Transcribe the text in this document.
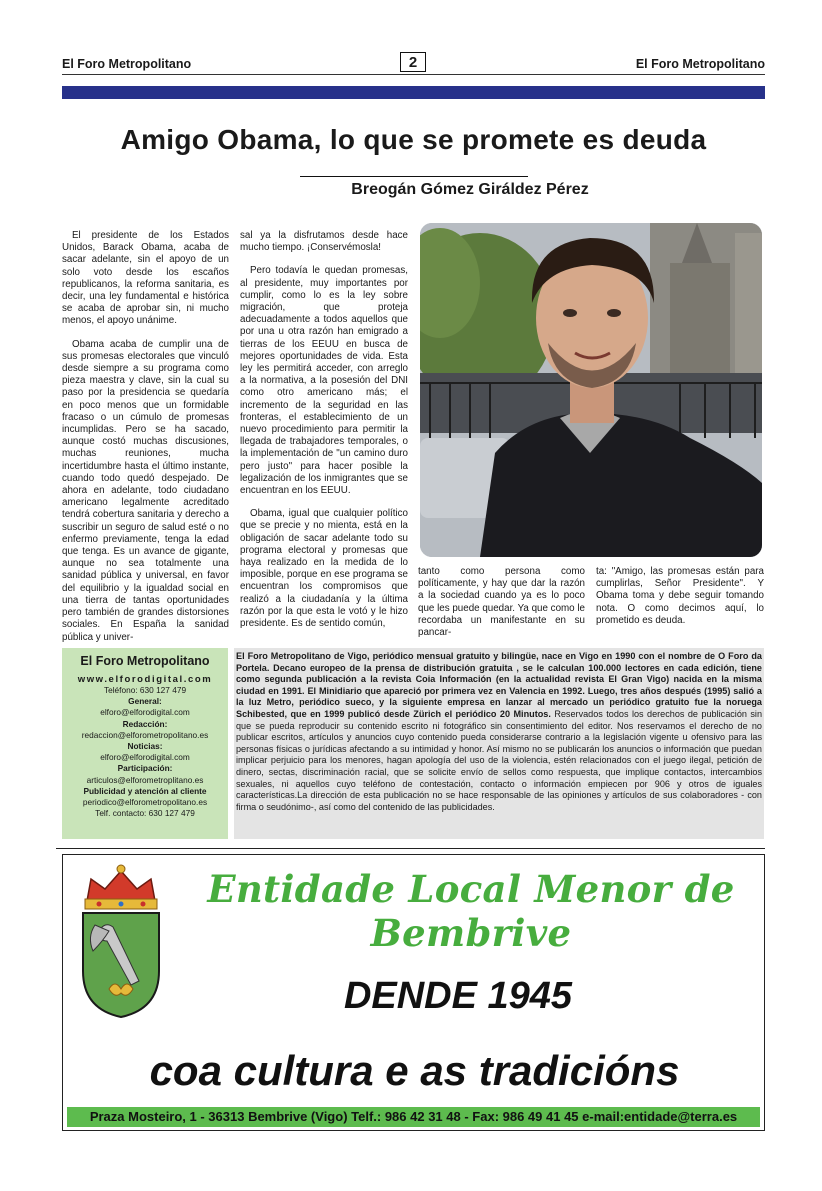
El Foro Metropolitano	2	El Foro Metropolitano
Amigo Obama, lo que se promete es deuda
Breogán Gómez Giráldez Pérez

El presidente de los Estados Unidos, Barack Obama, acaba de sacar adelante, sin el apoyo de un solo voto desde los escaños republicanos, la reforma sanitaria, es decir, una ley fundamental e histórica se acaba de aprobar sin, ni mucho menos, el apoyo unánime.

Obama acaba de cumplir una de sus promesas electorales que vinculó desde siempre a su programa como pieza maestra y clave, sin la cual su paso por la presidencia se quedaría en poco menos que un formidable fracaso o un cúmulo de promesas incumplidas. Pero se ha sacado, aunque costó muchas discusiones, muchas reuniones, mucha incertidumbre hasta el último instante, cuando todo quedó despejado. De ahora en adelante, todo ciudadano americano legalmente acreditado tendrá cobertura sanitaria y derecho a suscribir un seguro de salud esté o no enfermo previamente, tenga la edad que tenga. Es un avance de gigante, aunque no sea totalmente una sanidad pública y universal, en favor del equilibrio y la igualdad social en una tierra de tantas oportunidades pero también de grandes distorsiones sociales. En España la sanidad pública y univer-

sal ya la disfrutamos desde hace mucho tiempo. ¡Conservémosla!

Pero todavía le quedan promesas, al presidente, muy importantes por cumplir, como lo es la ley sobre migración, que proteja adecuadamente a todos aquellos que por una u otra razón han emigrado a tierras de los EEUU en busca de mejores oportunidades de vida. Esta ley les permitirá acceder, con arreglo a la normativa, a la posesión del DNI como otro americano más; el incremento de la seguridad en las fronteras, el establecimiento de un nuevo procedimiento para permitir la llegada de trabajadores temporales, o la implementación de "un camino duro pero justo" para hacer posible la legalización de los inmigrantes que se encuentran en los EEUU.

Obama, igual que cualquier político que se precie y no mienta, está en la obligación de sacar adelante todo su programa electoral y promesas que haya realizado en la medida de lo imposible, porque en ese programa se encuentran los compromisos que realizó a la ciudadanía y la última razón por la que esta le votó y le hizo presidente. Es de sentido común,

tanto como persona como políticamente, y hay que dar la razón a la sociedad cuando ya es lo poco que les puede quedar. Ya que como le recordaba un manifestante en su pancar-

ta: "Amigo, las promesas están para cumplirlas, Señor Presidente". Y Obama toma y debe seguir tomando nota. O como decimos aquí, lo prometido es deuda.

El Foro Metropolitano
www.elforodigital.com
Teléfono: 630 127 479
General:
elforo@elforodigital.com
Redacción:
redaccion@elforometropolitano.es
Noticias:
elforo@elforodigital.com
Participación:
articulos@elforometroplitano.es
Publicidad y atención al cliente
periodico@elforometropolitano.es
Telf. contacto: 630 127 479
El Foro Metropolitano de Vigo, periódico mensual gratuito y bilingüe, nace en Vigo en 1990 con el nombre de O Foro da Portela. Decano europeo de la prensa de distribución gratuita , se le calculan 100.000 lectores en cada edición, tiene como segunda publicación a la revista Coia Información (en la actualidad revista El Gran Vigo) nacida en la misma ciudad en 1991. El Minidiario que apareció por primera vez en Valencia en 1992. Luego, tres años después (1995) salió a la luz Metro, periódico sueco, y la siguiente empresa en lanzar al mercado un periódico gratuito fue la noruega Schibested, que en 1999 publicó desde Zürich el periódico 20 Minutos. Reservados todos los derechos de publicación sin que se pueda reproducir su contenido escrito ni fotográfico sin consentimiento del editor. Nos reservamos el derecho de no publicar escritos, artículos y anuncios cuyo contenido pueda considerarse contrario a la legislación vigente u ofensivo para las personas físicas o jurídicas afectando a su intimidad y honor. Así mismo no se publicarán los anuncios o información que puedan implicar perjuicio para los menores, hagan apología del uso de la violencia, estén relacionados con el juego ilegal, petición de dinero, sectas, discriminación racial, que se solicite envío de sellos como respuesta, que implique contactos, intercambios sexuales, ni aquellos cuyo teléfono de contestación, contacto o información empiecen por 906 y otros de iguales características.La dirección de esta publicación no se hace responsable de las opiniones y artículos de sus colaboradores - con firma o seudónimo-, así como del contenido de las publicidades.
Entidade Local Menor de Bembrive
DENDE 1945
coa cultura e as tradicións
Praza Mosteiro, 1 - 36313 Bembrive (Vigo) Telf.: 986 42 31 48 - Fax: 986 49 41 45 e-mail:entidade@terra.es
